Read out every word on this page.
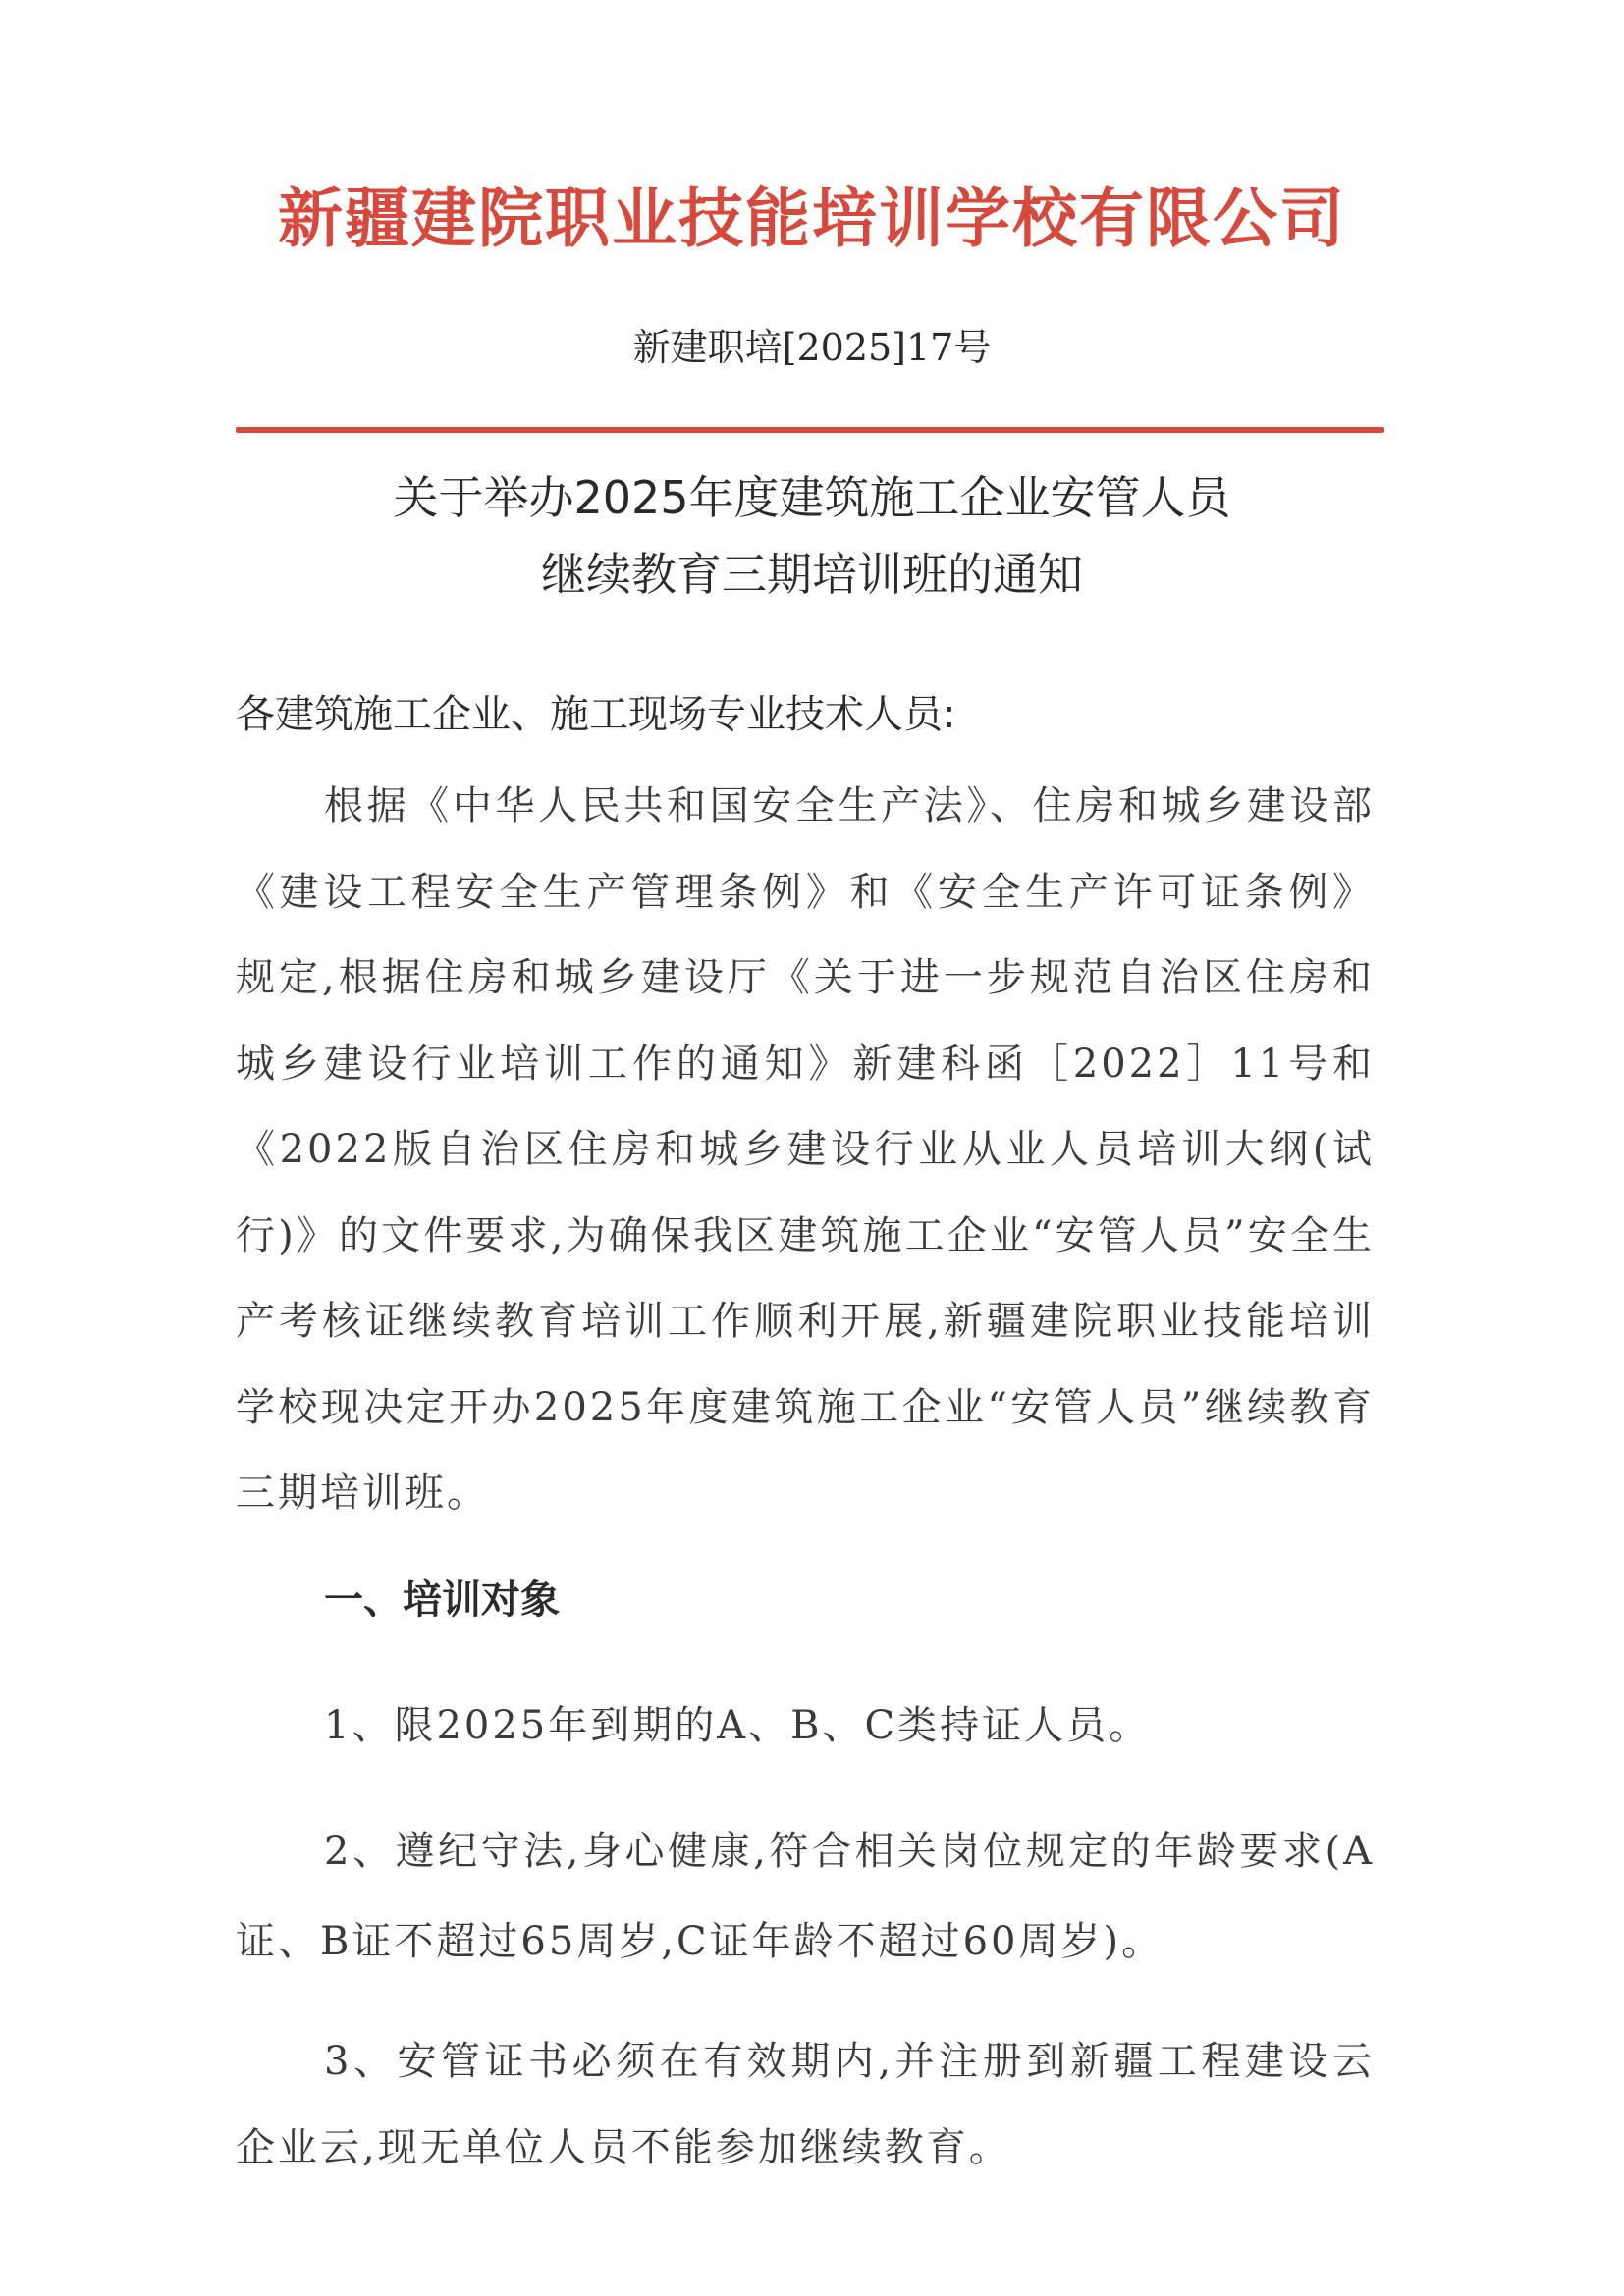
新疆建院职业技能培训学校有限公司
新建职培[2025]17号
关于举办2025年度建筑施工企业安管人员
继续教育三期培训班的通知
各建筑施工企业、施工现场专业技术人员:
根据《中华人民共和国安全生产法》、住房和城乡建设部《建设工程安全生产管理条例》和《安全生产许可证条例》规定,根据住房和城乡建设厅《关于进一步规范自治区住房和城乡建设行业培训工作的通知》新建科函［2022］11号和《2022版自治区住房和城乡建设行业从业人员培训大纲(试行)》的文件要求,为确保我区建筑施工企业“安管人员”安全生产考核证继续教育培训工作顺利开展,新疆建院职业技能培训学校现决定开办2025年度建筑施工企业“安管人员”继续教育三期培训班。
一、培训对象
1、限2025年到期的A、B、C类持证人员。
2、遵纪守法,身心健康,符合相关岗位规定的年龄要求(A证、B证不超过65周岁,C证年龄不超过60周岁)。
3、安管证书必须在有效期内,并注册到新疆工程建设云企业云,现无单位人员不能参加继续教育。
